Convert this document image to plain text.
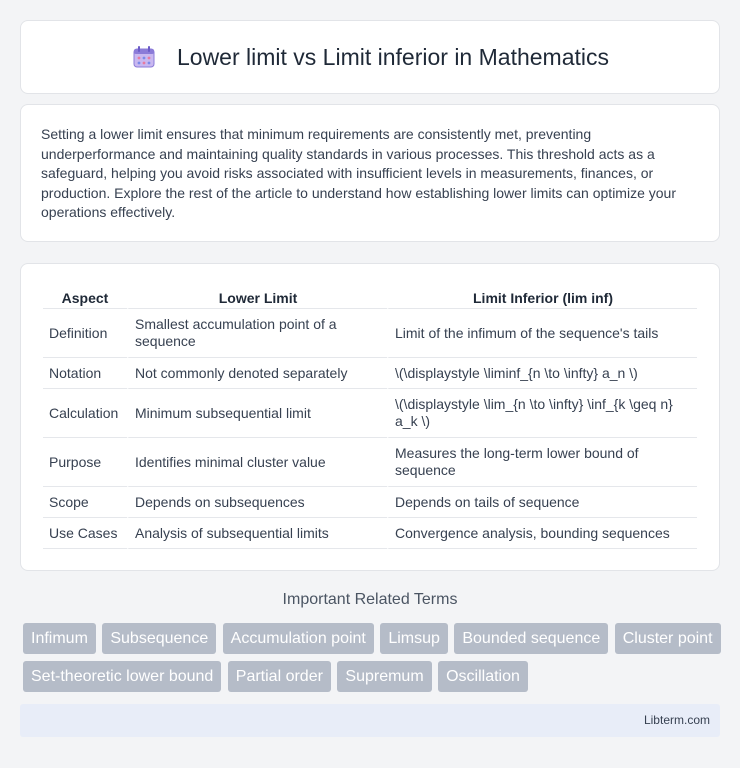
Lower limit vs Limit inferior in Mathematics

Setting a lower limit ensures that minimum requirements are consistently met, preventing underperformance and maintaining quality standards in various processes. This threshold acts as a safeguard, helping you avoid risks associated with insufficient levels in measurements, finances, or production. Explore the rest of the article to understand how establishing lower limits can optimize your operations effectively.

Aspect	Lower Limit	Limit Inferior (lim inf)
Definition	Smallest accumulation point of a sequence	Limit of the infimum of the sequence's tails
Notation	Not commonly denoted separately	\(\displaystyle \liminf_{n \to \infty} a_n \)
Calculation	Minimum subsequential limit	\(\displaystyle \lim_{n \to \infty} \inf_{k \geq n} a_k \)
Purpose	Identifies minimal cluster value	Measures the long-term lower bound of sequence
Scope	Depends on subsequences	Depends on tails of sequence
Use Cases	Analysis of subsequential limits	Convergence analysis, bounding sequences
Important Related Terms
Infimum Subsequence Accumulation point Limsup Bounded sequence Cluster point Set-theoretic lower bound Partial order Supremum Oscillation
Libterm.com
